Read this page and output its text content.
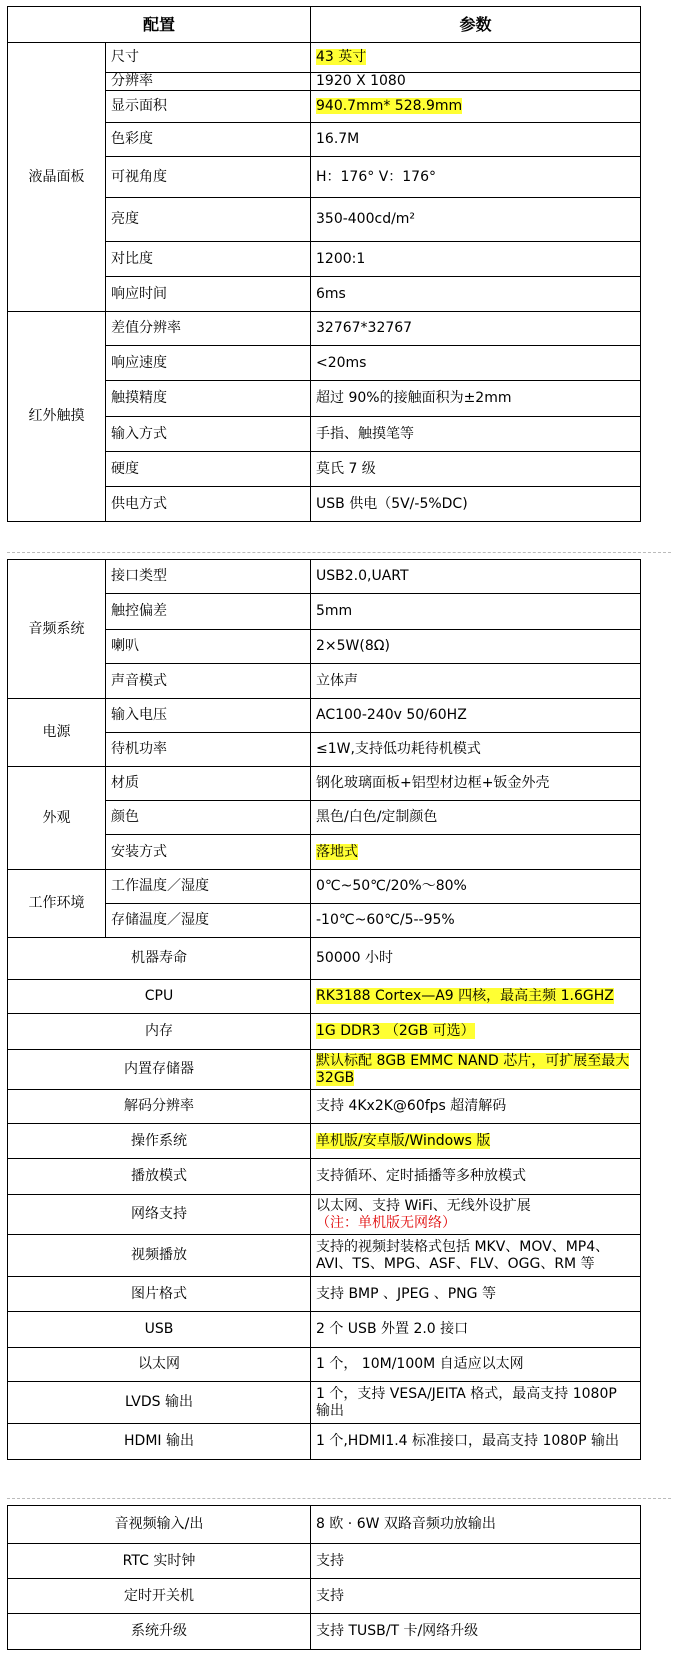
配置		参数
液晶面板	尺寸	43 英寸
	分辨率	1920 X 1080
	显示面积	940.7mm* 528.9mm
	色彩度	16.7M
	可视角度	H：176° V：176°
	亮度	350-400cd/m²
	对比度	1200:1
	响应时间	6ms
红外触摸	差值分辨率	32767*32767
	响应速度	<20ms
	触摸精度	超过 90%的接触面积为±2mm
	输入方式	手指、触摸笔等
	硬度	莫氏 7 级
	供电方式	USB 供电（5V/-5%DC)
音频系统	接口类型	USB2.0,UART
	触控偏差	5mm
	喇叭	2×5W(8Ω)
	声音模式	立体声
电源	输入电压	AC100-240v 50/60HZ
	待机功率	≤1W,支持低功耗待机模式
外观	材质	钢化玻璃面板+铝型材边框+钣金外壳
	颜色	黑色/白色/定制颜色
	安装方式	落地式
工作环境	工作温度／湿度	0℃~50℃/20%～80%
	存储温度／湿度	-10℃~60℃/5--95%
机器寿命		50000 小时
CPU		RK3188 Cortex—A9 四核，最高主频 1.6GHZ
内存		1G DDR3 （2GB 可选）
内置存储器		默认标配 8GB EMMC NAND 芯片，可扩展至最大 32GB
解码分辨率		支持 4Kx2K@60fps 超清解码
操作系统		单机版/安卓版/Windows 版
播放模式		支持循环、定时插播等多种放模式
网络支持		以太网、支持 WiFi、无线外设扩展
（注：单机版无网络）
视频播放		支持的视频封装格式包括 MKV、MOV、MP4、AVI、TS、MPG、ASF、FLV、OGG、RM 等
图片格式		支持 BMP 、JPEG 、PNG 等
USB		2 个 USB 外置 2.0 接口
以太网		1 个， 10M/100M 自适应以太网
LVDS 输出		1 个，支持 VESA/JEITA 格式，最高支持 1080P 输出
HDMI 输出		1 个,HDMI1.4 标准接口，最高支持 1080P 输出
音视频输入/出	8 欧 · 6W 双路音频功放输出
RTC 实时钟	支持
定时开关机	支持
系统升级	支持 TUSB/T 卡/网络升级
